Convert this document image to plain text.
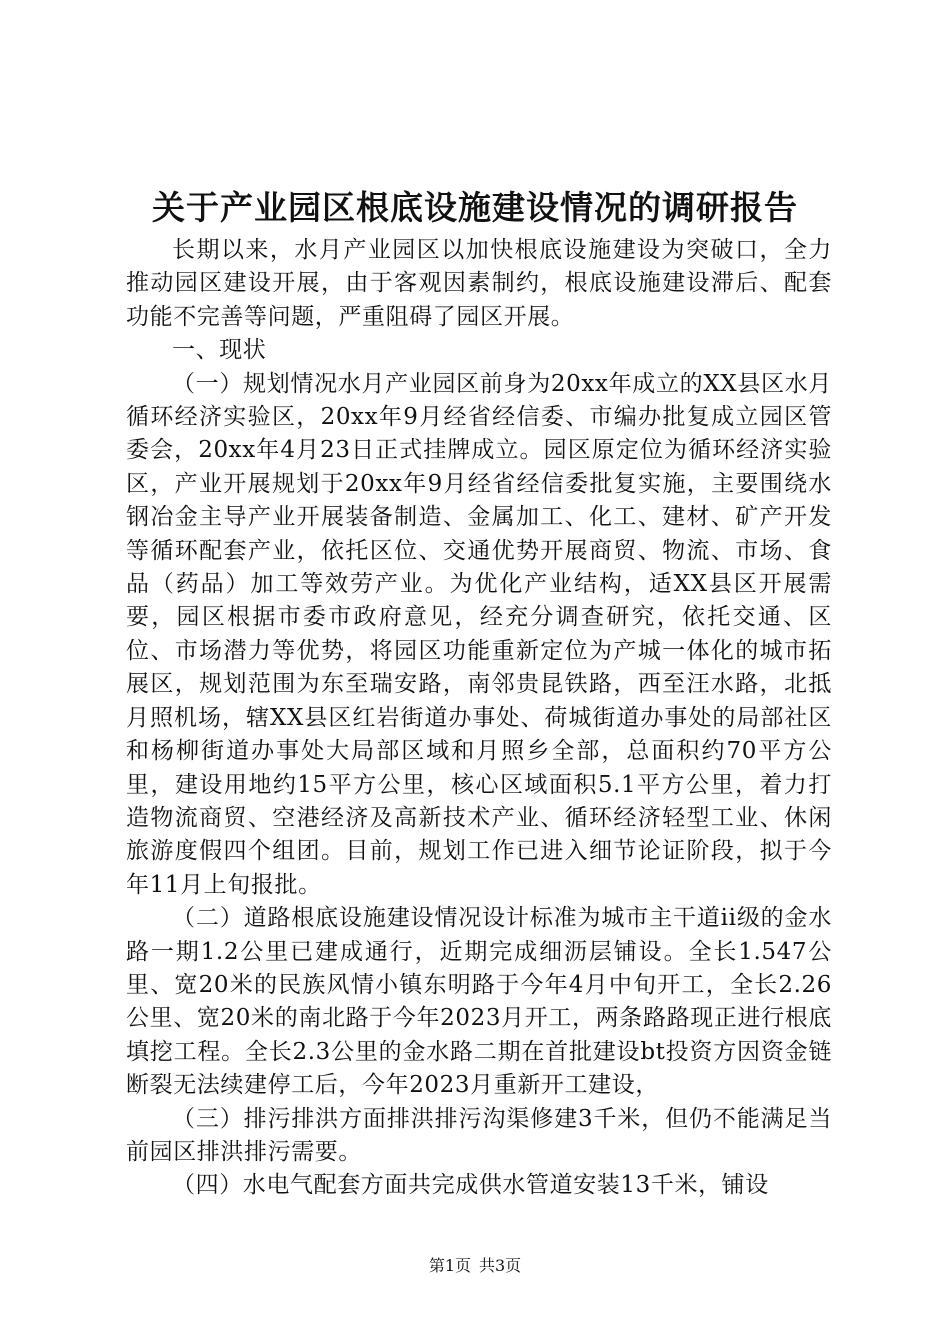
关于产业园区根底设施建设情况的调研报告

长期以来，水月产业园区以加快根底设施建设为突破口，全力推动园区建设开展，由于客观因素制约，根底设施建设滞后、配套功能不完善等问题，严重阻碍了园区开展。

一、现状

（一）规划情况水月产业园区前身为20xx年成立的XX县区水月循环经济实验区，20xx年9月经省经信委、市编办批复成立园区管委会，20xx年4月23日正式挂牌成立。园区原定位为循环经济实验区，产业开展规划于20xx年9月经省经信委批复实施，主要围绕水钢冶金主导产业开展装备制造、金属加工、化工、建材、矿产开发等循环配套产业，依托区位、交通优势开展商贸、物流、市场、食品（药品）加工等效劳产业。为优化产业结构，适XX县区开展需要，园区根据市委市政府意见，经充分调查研究，依托交通、区位、市场潜力等优势，将园区功能重新定位为产城一体化的城市拓展区，规划范围为东至瑞安路，南邻贵昆铁路，西至汪水路，北抵月照机场，辖XX县区红岩街道办事处、荷城街道办事处的局部社区和杨柳街道办事处大局部区域和月照乡全部，总面积约70平方公里，建设用地约15平方公里，核心区域面积5.1平方公里，着力打造物流商贸、空港经济及高新技术产业、循环经济轻型工业、休闲旅游度假四个组团。目前，规划工作已进入细节论证阶段，拟于今年11月上旬报批。

（二）道路根底设施建设情况设计标准为城市主干道ii级的金水路一期1.2公里已建成通行，近期完成细沥层铺设。全长1.547公里、宽20米的民族风情小镇东明路于今年4月中旬开工，全长2.26公里、宽20米的南北路于今年2023月开工，两条路路现正进行根底填挖工程。全长2.3公里的金水路二期在首批建设bt投资方因资金链断裂无法续建停工后，今年2023月重新开工建设，

（三）排污排洪方面排洪排污沟渠修建3千米，但仍不能满足当前园区排洪排污需要。

（四）水电气配套方面共完成供水管道安装13千米，铺设

第1页 共3页
